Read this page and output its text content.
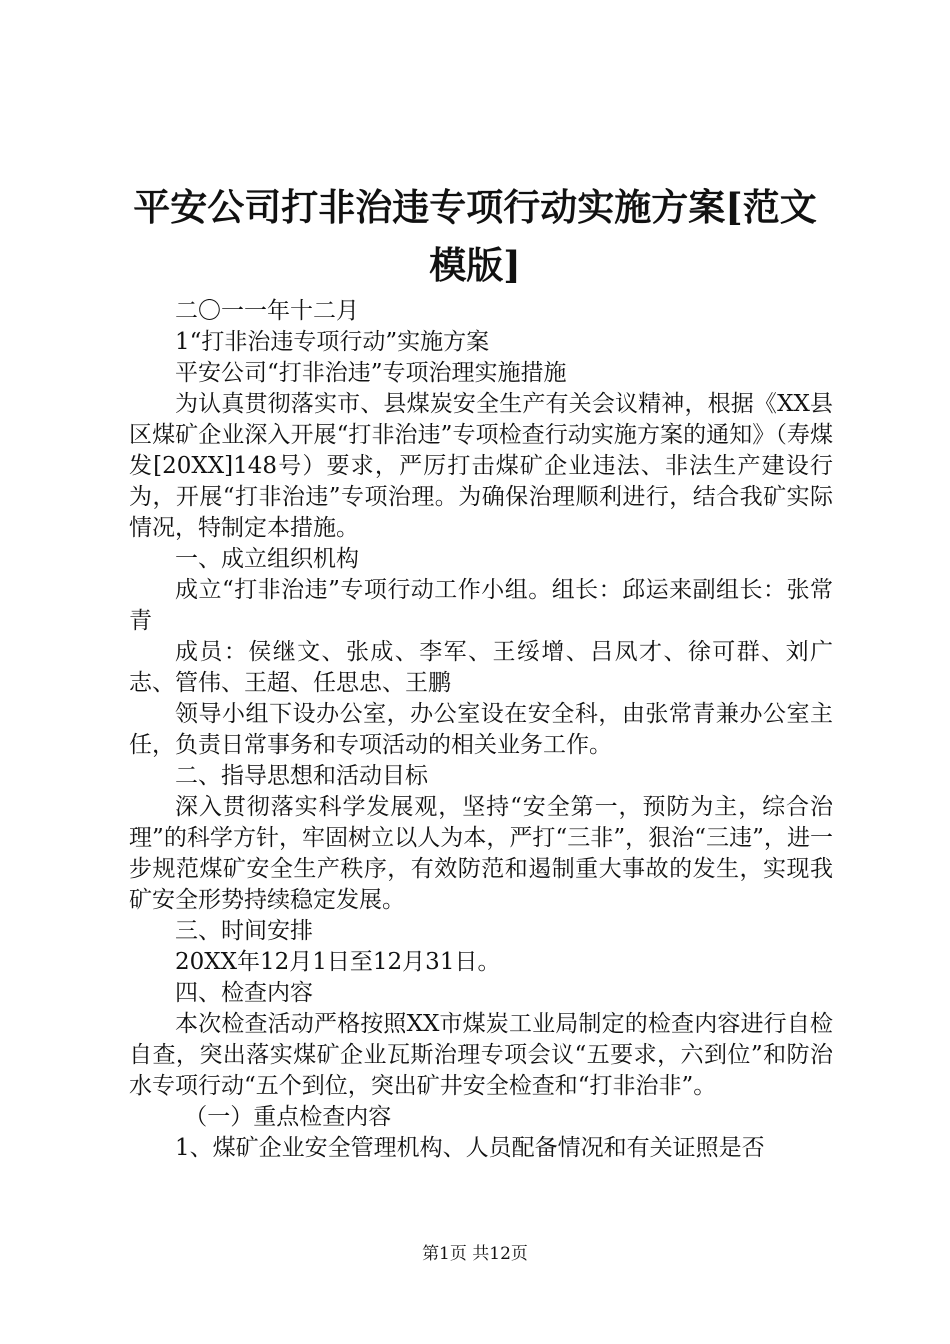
平安公司打非治违专项行动实施方案[范文模版]

二〇一一年十二月

1“打非治违专项行动”实施方案

平安公司“打非治违”专项治理实施措施

为认真贯彻落实市、县煤炭安全生产有关会议精神，根据《XX县区煤矿企业深入开展“打非治违”专项检查行动实施方案的通知》（寿煤发[20XX]148号）要求，严厉打击煤矿企业违法、非法生产建设行为，开展“打非治违”专项治理。为确保治理顺利进行，结合我矿实际情况，特制定本措施。

一、成立组织机构

成立“打非治违”专项行动工作小组。组长：邱运来副组长：张常青

成员：侯继文、张成、李军、王绥增、吕凤才、徐可群、刘广志、管伟、王超、任思忠、王鹏

领导小组下设办公室，办公室设在安全科，由张常青兼办公室主任，负责日常事务和专项活动的相关业务工作。

二、指导思想和活动目标

深入贯彻落实科学发展观，坚持“安全第一，预防为主，综合治理”的科学方针，牢固树立以人为本，严打“三非”，狠治“三违”，进一步规范煤矿安全生产秩序，有效防范和遏制重大事故的发生，实现我矿安全形势持续稳定发展。

三、时间安排

20XX年12月1日至12月31日。

四、检查内容

本次检查活动严格按照XX市煤炭工业局制定的检查内容进行自检自查，突出落实煤矿企业瓦斯治理专项会议“五要求，六到位”和防治水专项行动“五个到位，突出矿井安全检查和“打非治非”。

（一）重点检查内容

1、煤矿企业安全管理机构、人员配备情况和有关证照是否

第1页 共12页
